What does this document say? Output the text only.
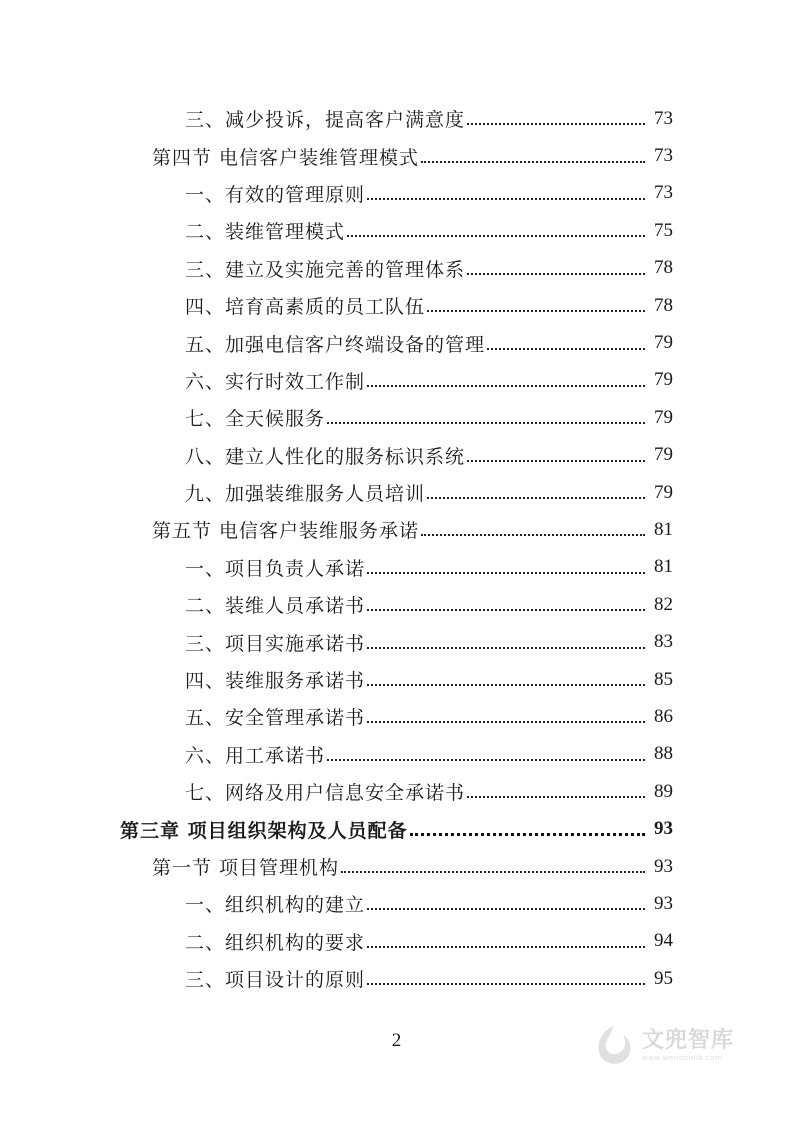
三、减少投诉，提高客户满意度	73
第四节 电信客户装维管理模式	73
一、有效的管理原则	73
二、装维管理模式	75
三、建立及实施完善的管理体系	78
四、培育高素质的员工队伍	78
五、加强电信客户终端设备的管理	79
六、实行时效工作制	79
七、全天候服务	79
八、建立人性化的服务标识系统	79
九、加强装维服务人员培训	79
第五节 电信客户装维服务承诺	81
一、项目负责人承诺	81
二、装维人员承诺书	82
三、项目实施承诺书	83
四、装维服务承诺书	85
五、安全管理承诺书	86
六、用工承诺书	88
七、网络及用户信息安全承诺书	89
第三章 项目组织架构及人员配备	93
第一节 项目管理机构	93
一、组织机构的建立	93
二、组织机构的要求	94
三、项目设计的原则	95
2	文兜智库
www.wendoulib.com
